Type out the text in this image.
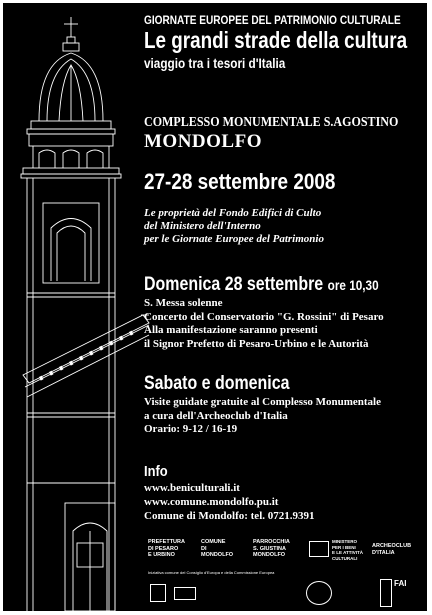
GIORNATE EUROPEE DEL PATRIMONIO CULTURALE
Le grandi strade della cultura
viaggio tra i tesori d'Italia
COMPLESSO MONUMENTALE S.AGOSTINO
MONDOLFO
27-28 settembre 2008
Le proprietà del Fondo Edifici di Culto
del Ministero dell'Interno
per le Giornate Europee del Patrimonio
Domenica 28 settembre ore 10,30
S. Messa solenne
Concerto del Conservatorio "G. Rossini" di Pesaro
Alla manifestazione saranno presenti
il Signor Prefetto di Pesaro-Urbino e le Autorità
Sabato e domenica
Visite guidate gratuite al Complesso Monumentale
a cura dell'Archeoclub d'Italia
Orario: 9-12 / 16-19
Info
www.beniculturali.it
www.comune.mondolfo.pu.it
Comune di Mondolfo: tel. 0721.9391
PREFETTURA
DI PESARO
E URBINO
COMUNE
DI
MONDOLFO
PARROCCHIA
S. GIUSTINA
MONDOLFO
MINISTERO
PER I BENI
E LE ATTIVITÀ
CULTURALI
ARCHEOCLUB
D'ITALIA
Iniziativa comune del Consiglio d'Europa e della Commissione Europea
FAI
